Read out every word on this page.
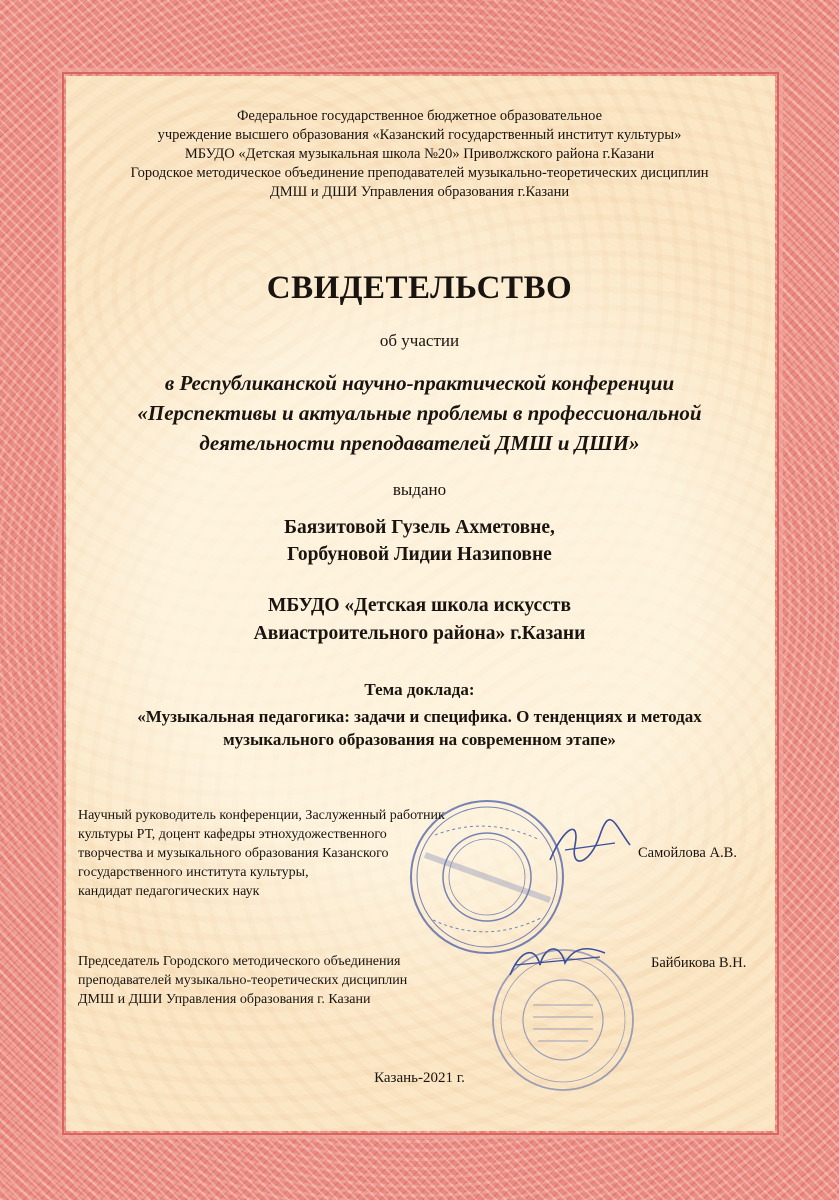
Федеральное государственное бюджетное образовательное
учреждение высшего образования «Казанский государственный институт культуры»
МБУДО «Детская музыкальная школа №20» Приволжского района г.Казани
Городское методическое объединение преподавателей музыкально-теоретических дисциплин
ДМШ и ДШИ Управления образования г.Казани
СВИДЕТЕЛЬСТВО
об участии
в Республиканской научно-практической конференции
«Перспективы и актуальные проблемы в профессиональной
деятельности преподавателей ДМШ и ДШИ»
выдано
Баязитовой Гузель Ахметовне,
Горбуновой Лидии Назиповне
МБУДО «Детская школа искусств
Авиастроительного района» г.Казани
Тема доклада:
«Музыкальная педагогика: задачи и специфика. О тенденциях и методах
музыкального образования на современном этапе»
Научный руководитель конференции, Заслуженный работник
культуры РТ, доцент кафедры этнохудожественного
творчества и музыкального образования Казанского
государственного института культуры,
кандидат педагогических наук
Самойлова А.В.
Председатель Городского методического объединения
преподавателей музыкально-теоретических дисциплин
ДМШ и ДШИ Управления образования г. Казани
Байбикова В.Н.
Казань-2021 г.
